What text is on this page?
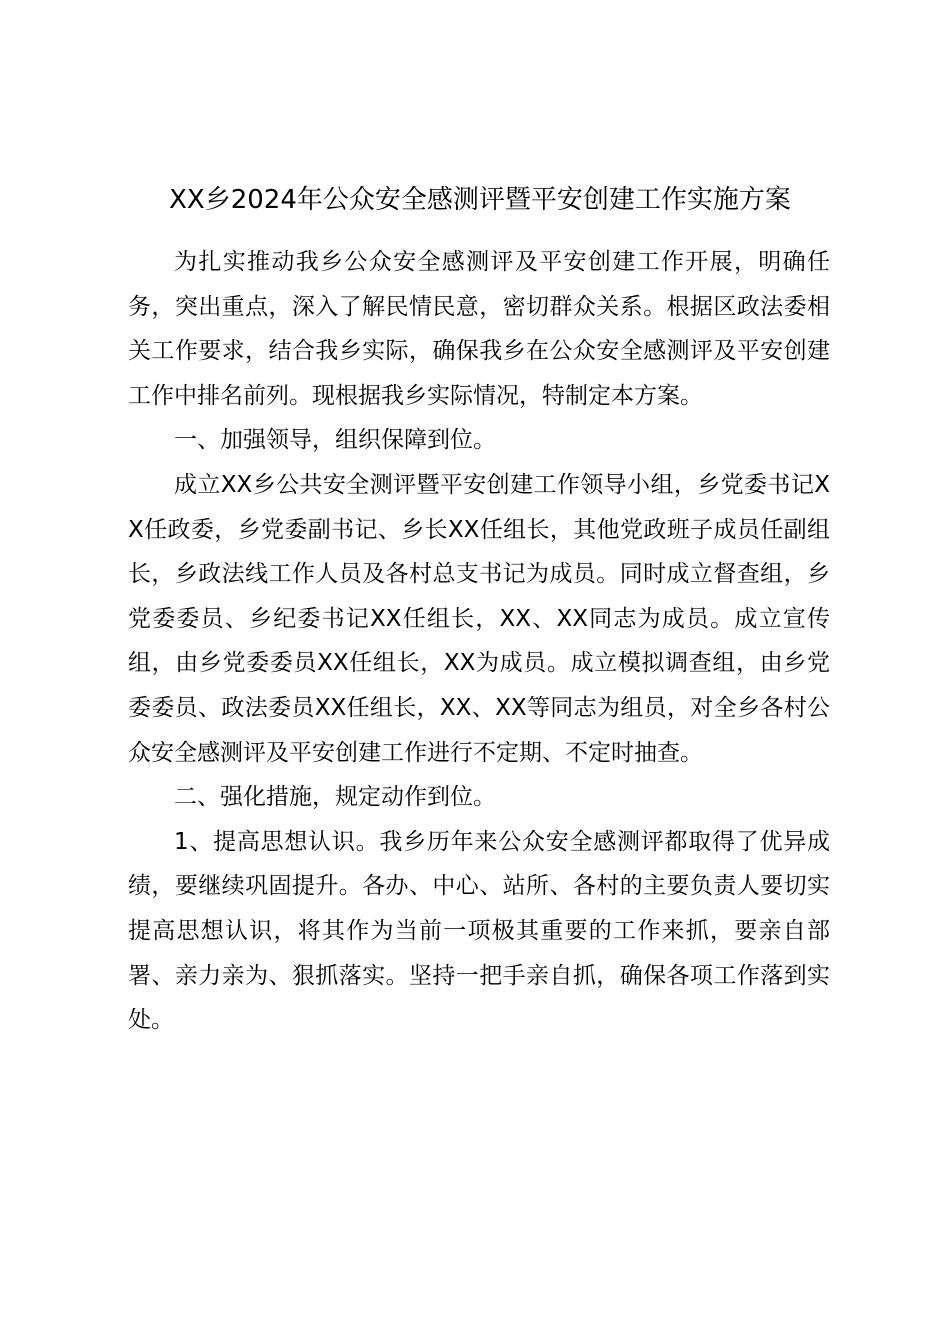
XX乡2024年公众安全感测评暨平安创建工作实施方案

为扎实推动我乡公众安全感测评及平安创建工作开展，明确任务，突出重点，深入了解民情民意，密切群众关系。根据区政法委相关工作要求，结合我乡实际，确保我乡在公众安全感测评及平安创建工作中排名前列。现根据我乡实际情况，特制定本方案。

一、加强领导，组织保障到位。

成立XX乡公共安全测评暨平安创建工作领导小组，乡党委书记XX任政委，乡党委副书记、乡长XX任组长，其他党政班子成员任副组长，乡政法线工作人员及各村总支书记为成员。同时成立督查组，乡党委委员、乡纪委书记XX任组长，XX、XX同志为成员。成立宣传组，由乡党委委员XX任组长，XX为成员。成立模拟调查组，由乡党委委员、政法委员XX任组长，XX、XX等同志为组员，对全乡各村公众安全感测评及平安创建工作进行不定期、不定时抽查。

二、强化措施，规定动作到位。

1、提高思想认识。我乡历年来公众安全感测评都取得了优异成绩，要继续巩固提升。各办、中心、站所、各村的主要负责人要切实提高思想认识，将其作为当前一项极其重要的工作来抓，要亲自部署、亲力亲为、狠抓落实。坚持一把手亲自抓，确保各项工作落到实处。
